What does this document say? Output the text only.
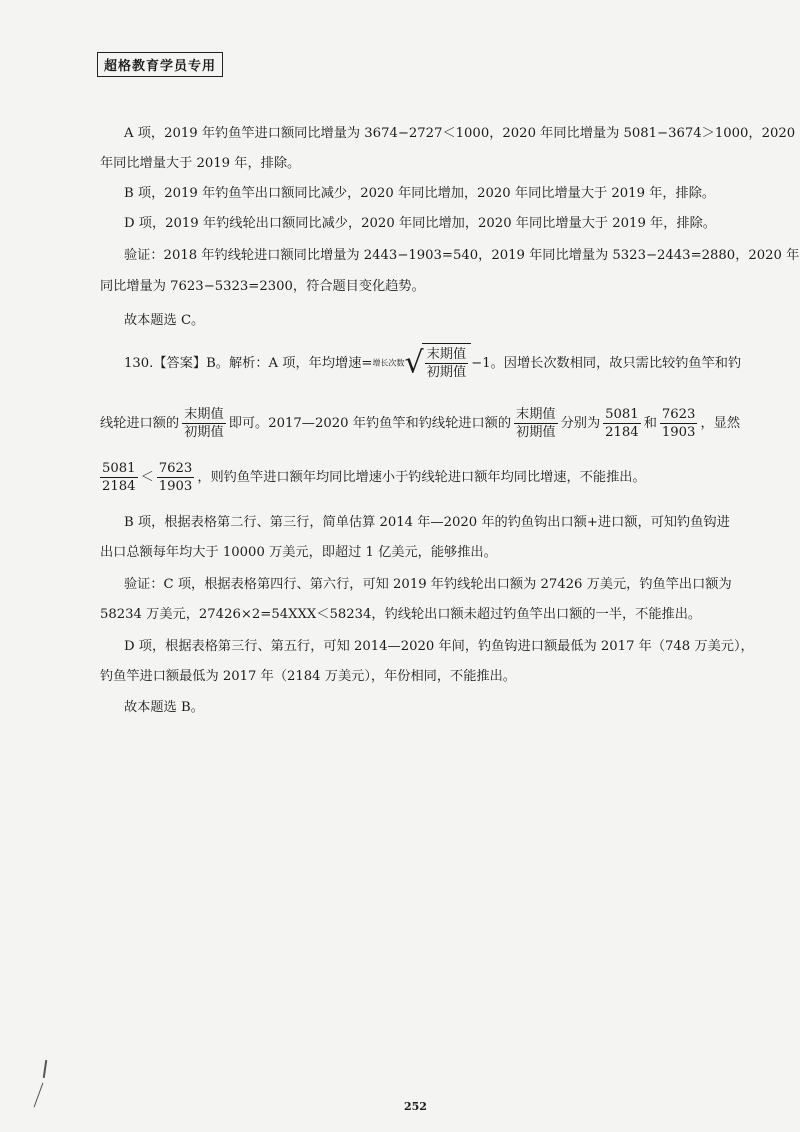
超格教育学员专用
A 项，2019 年钓鱼竿进口额同比增量为 3674−2727＜1000，2020 年同比增量为 5081−3674＞1000，2020
年同比增量大于 2019 年，排除。
B 项，2019 年钓鱼竿出口额同比减少，2020 年同比增加，2020 年同比增量大于 2019 年，排除。
D 项，2019 年钓线轮出口额同比减少，2020 年同比增加，2020 年同比增量大于 2019 年，排除。
验证：2018 年钓线轮进口额同比增量为 2443−1903=540，2019 年同比增量为 5323−2443=2880，2020 年
同比增量为 7623−5323=2300，符合题目变化趋势。
故本题选 C。
130.【答案】B。解析：A 项，年均增速=增长次数√ $\frac{\text{末期值}}{\text{初期值}} -1$。因增长次数相同，故只需比较钓鱼竿和钓
线轮进口额的 $\frac{\text{末期值}}{\text{初期值}}$ 即可。2017—2020 年钓鱼竿和钓线轮进口额的 $\frac{\text{末期值}}{\text{初期值}}$ 分别为 $\frac{5081}{2184}$ 和 $\frac{7623}{1903}$ ，显然
$\frac{5081}{2184} < \frac{7623}{1903}$ ，则钓鱼竿进口额年均同比增速小于钓线轮进口额年均同比增速，不能推出。
B 项，根据表格第二行、第三行，简单估算 2014 年—2020 年的钓鱼钩出口额+进口额，可知钓鱼钩进
出口总额每年均大于 10000 万美元，即超过 1 亿美元，能够推出。
验证：C 项，根据表格第四行、第六行，可知 2019 年钓线轮出口额为 27426 万美元，钓鱼竿出口额为
58234 万美元，27426×2=54XXX＜58234，钓线轮出口额未超过钓鱼竿出口额的一半，不能推出。
D 项，根据表格第三行、第五行，可知 2014—2020 年间，钓鱼钩进口额最低为 2017 年（748 万美元），
钓鱼竿进口额最低为 2017 年（2184 万美元），年份相同，不能推出。
故本题选 B。
252
